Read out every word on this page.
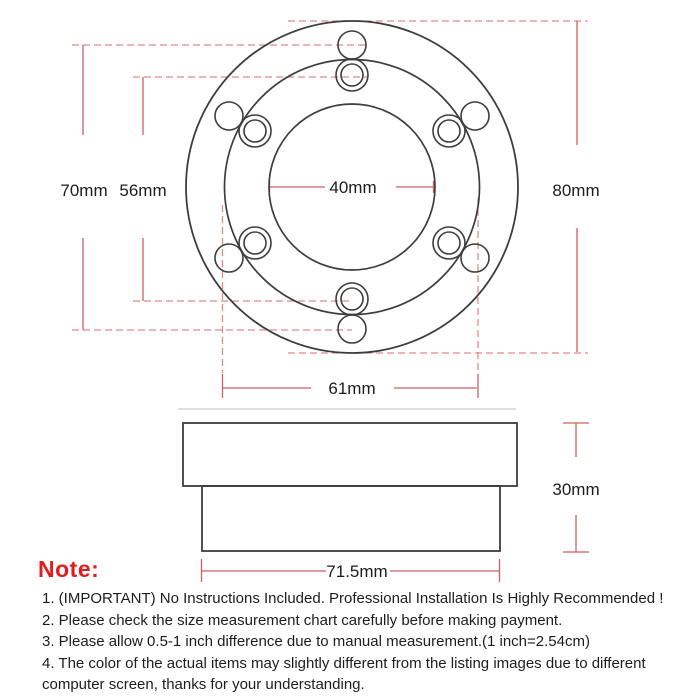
70mm 56mm	40mm	80mm
61mm
30mm
71.5mm
Note:

1. (IMPORTANT) No Instructions Included. Professional Installation Is Highly Recommended !

2. Please check the size measurement chart carefully before making payment.

3. Please allow 0.5-1 inch difference due to manual measurement.(1 inch=2.54cm)

4. The color of the actual items may slightly different from the listing images due to different computer screen, thanks for your understanding.
